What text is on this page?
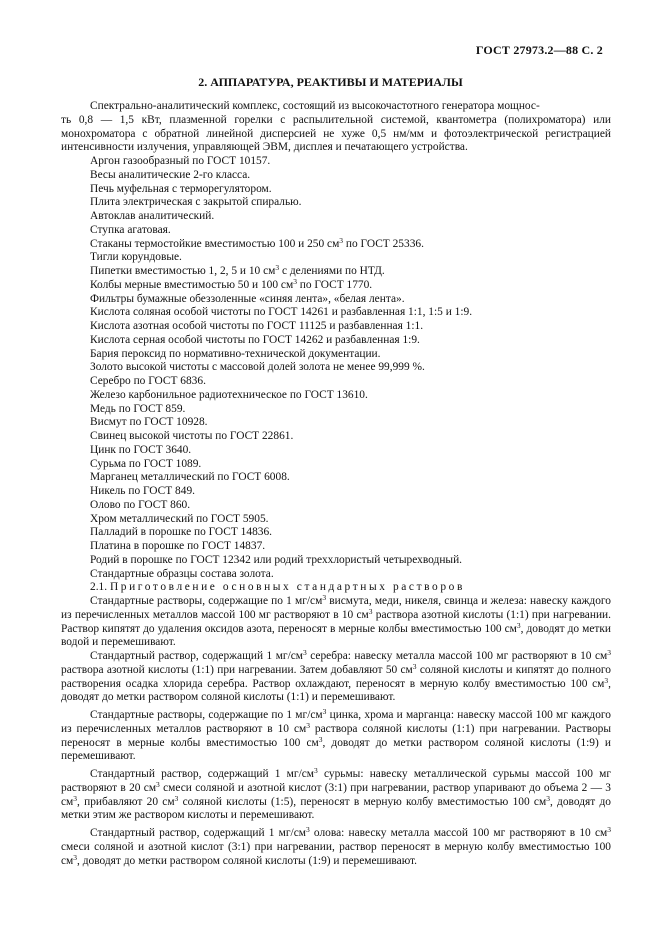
ГОСТ 27973.2—88 С. 2
2. АППАРАТУРА, РЕАКТИВЫ И МАТЕРИАЛЫ

Спектрально-аналитический комплекс, состоящий из высокочастотного генератора мощнос-
ть 0,8 — 1,5 кВт, плазменной горелки с распылительной системой, квантометра (полихроматора) или монохроматора с обратной линейной дисперсией не хуже 0,5 нм/мм и фотоэлектрической регистрацией интенсивности излучения, управляющей ЭВМ, дисплея и печатающего устройства.

Аргон газообразный по ГОСТ 10157.

Весы аналитические 2-го класса.

Печь муфельная с терморегулятором.

Плита электрическая с закрытой спиралью.

Автоклав аналитический.

Ступка агатовая.

Стаканы термостойкие вместимостью 100 и 250 $см^3$ по ГОСТ 25336.

Тигли корундовые.

Пипетки вместимостью 1, 2, 5 и 10 $см^3$ с делениями по НТД.

Колбы мерные вместимостью 50 и 100 $см^3$ по ГОСТ 1770.

Фильтры бумажные обеззоленные «синяя лента», «белая лента».

Кислота соляная особой чистоты по ГОСТ 14261 и разбавленная 1:1, 1:5 и 1:9.

Кислота азотная особой чистоты по ГОСТ 11125 и разбавленная 1:1.

Кислота серная особой чистоты по ГОСТ 14262 и разбавленная 1:9.

Бария пероксид по нормативно-технической документации.

Золото высокой чистоты с массовой долей золота не менее 99,999 %.

Серебро по ГОСТ 6836.

Железо карбонильное радиотехническое по ГОСТ 13610.

Медь по ГОСТ 859.

Висмут по ГОСТ 10928.

Свинец высокой чистоты по ГОСТ 22861.

Цинк по ГОСТ 3640.

Сурьма по ГОСТ 1089.

Марганец металлический по ГОСТ 6008.

Никель по ГОСТ 849.

Олово по ГОСТ 860.

Хром металлический по ГОСТ 5905.

Палладий в порошке по ГОСТ 14836.

Платина в порошке по ГОСТ 14837.

Родий в порошке по ГОСТ 12342 или родий треххлористый четырехводный.

Стандартные образцы состава золота.

2.1. Приготовление основных стандартных растворов

Стандартные растворы, содержащие по 1 $мг/см^3$ висмута, меди, никеля, свинца и железа: навеску каждого из перечисленных металлов массой 100 мг растворяют в 10 $см^3$ раствора азотной кислоты (1:1) при нагревании. Раствор кипятят до удаления оксидов азота, переносят в мерные колбы вместимостью 100 $см^3$, доводят до метки водой и перемешивают.

Стандартный раствор, содержащий 1 $мг/см^3$ серебра: навеску металла массой 100 мг растворяют в 10 $см^3$ раствора азотной кислоты (1:1) при нагревании. Затем добавляют 50 $см^3$ соляной кислоты и кипятят до полного растворения осадка хлорида серебра. Раствор охлаждают, переносят в мерную колбу вместимостью 100 $см^3$, доводят до метки раствором соляной кислоты (1:1) и перемешивают.

Стандартные растворы, содержащие по 1 $мг/см^3$ цинка, хрома и марганца: навеску массой 100 мг каждого из перечисленных металлов растворяют в 10 $см^3$ раствора соляной кислоты (1:1) при нагревании. Растворы переносят в мерные колбы вместимостью 100 $см^3$, доводят до метки раствором соляной кислоты (1:9) и перемешивают.

Стандартный раствор, содержащий 1 $мг/см^3$ сурьмы: навеску металлической сурьмы массой 100 мг растворяют в 20 $см^3$ смеси соляной и азотной кислот (3:1) при нагревании, раствор упаривают до объема 2 — 3 $см^3$, прибавляют 20 $см^3$ соляной кислоты (1:5), переносят в мерную колбу вместимостью 100 $см^3$, доводят до метки этим же раствором кислоты и перемешивают.

Стандартный раствор, содержащий 1 $мг/см^3$ олова: навеску металла массой 100 мг растворяют в 10 $см^3$ смеси соляной и азотной кислот (3:1) при нагревании, раствор переносят в мерную колбу вместимостью 100 $см^3$, доводят до метки раствором соляной кислоты (1:9) и перемешивают.
